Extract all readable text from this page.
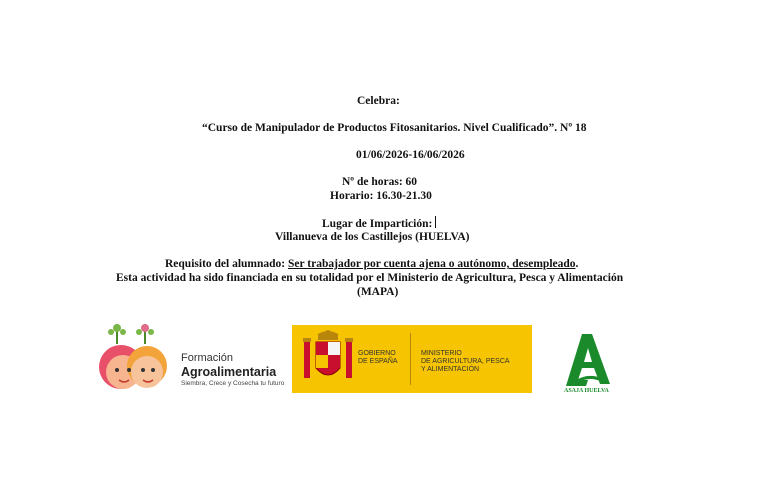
Celebra:
“Curso de Manipulador de Productos Fitosanitarios. Nivel Cualificado”. Nº 18
01/06/2026-16/06/2026
Nº de horas: 60
Horario: 16.30-21.30
Lugar de Impartición:
Villanueva de los Castillejos (HUELVA)
Requisito del alumnado: Ser trabajador por cuenta ajena o autónomo, desempleado.
Esta actividad ha sido financiada en su totalidad por el Ministerio de Agricultura, Pesca y Alimentación
(MAPA)
Formación
Agroalimentaria
Siembra, Crece y Cosecha tu futuro
GOBIERNO
DE ESPAÑA
MINISTERIO
DE AGRICULTURA, PESCA
Y ALIMENTACIÓN
ASAJA HUELVA
